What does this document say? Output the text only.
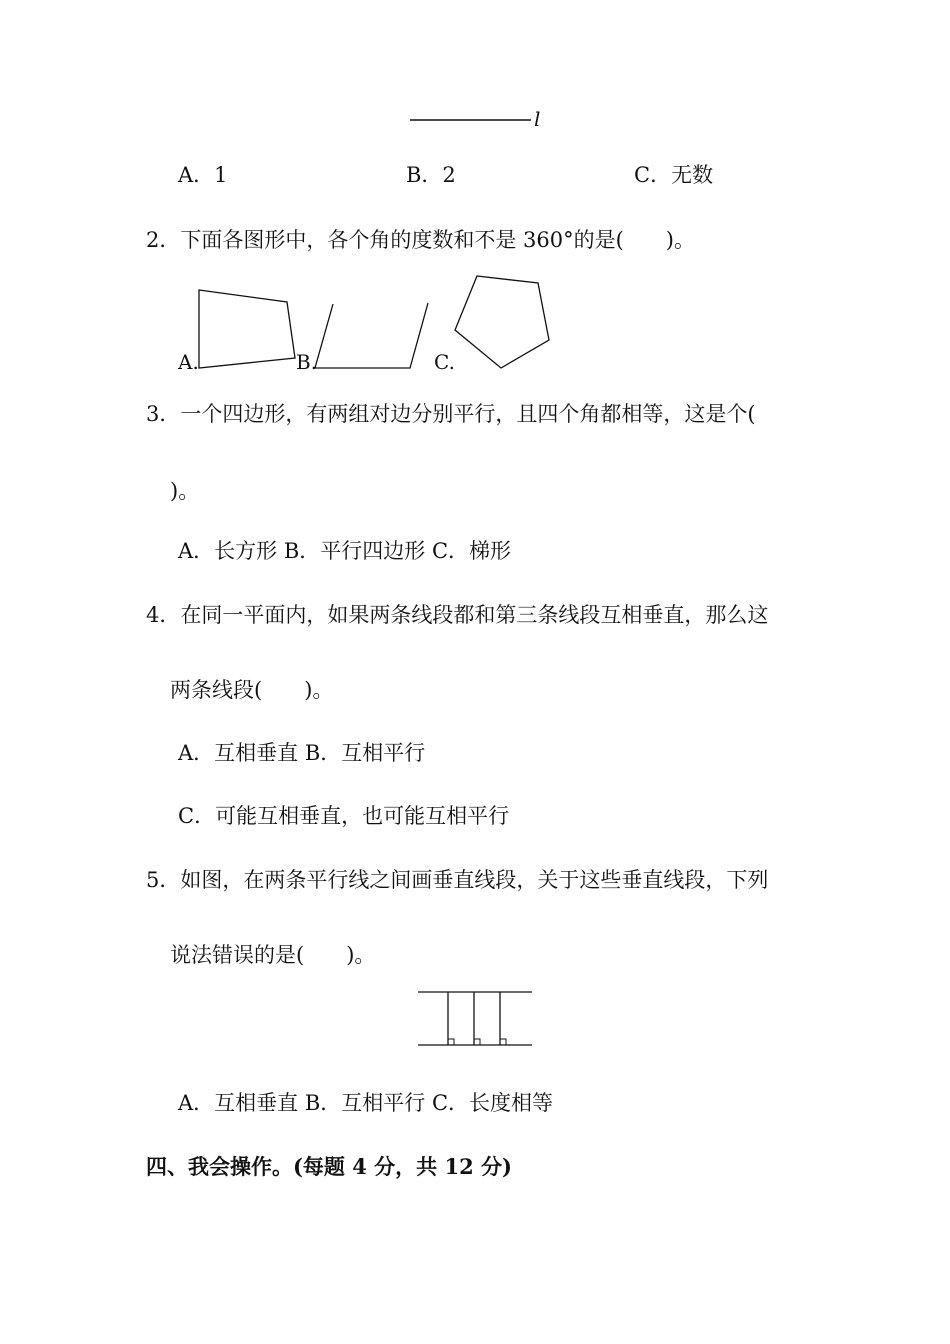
l
A．1	B．2	C．无数
2．下面各图形中，各个角的度数和不是 360°的是(　　)。
A.	B.	C.
3．一个四边形，有两组对边分别平行，且四个角都相等，这是个(
)。
A．长方形 B．平行四边形 C．梯形
4．在同一平面内，如果两条线段都和第三条线段互相垂直，那么这
两条线段(　　)。
A．互相垂直 B．互相平行
C．可能互相垂直，也可能互相平行
5．如图，在两条平行线之间画垂直线段，关于这些垂直线段，下列
说法错误的是(　　)。
A．互相垂直 B．互相平行 C．长度相等
四、我会操作。(每题 4 分，共 12 分)
